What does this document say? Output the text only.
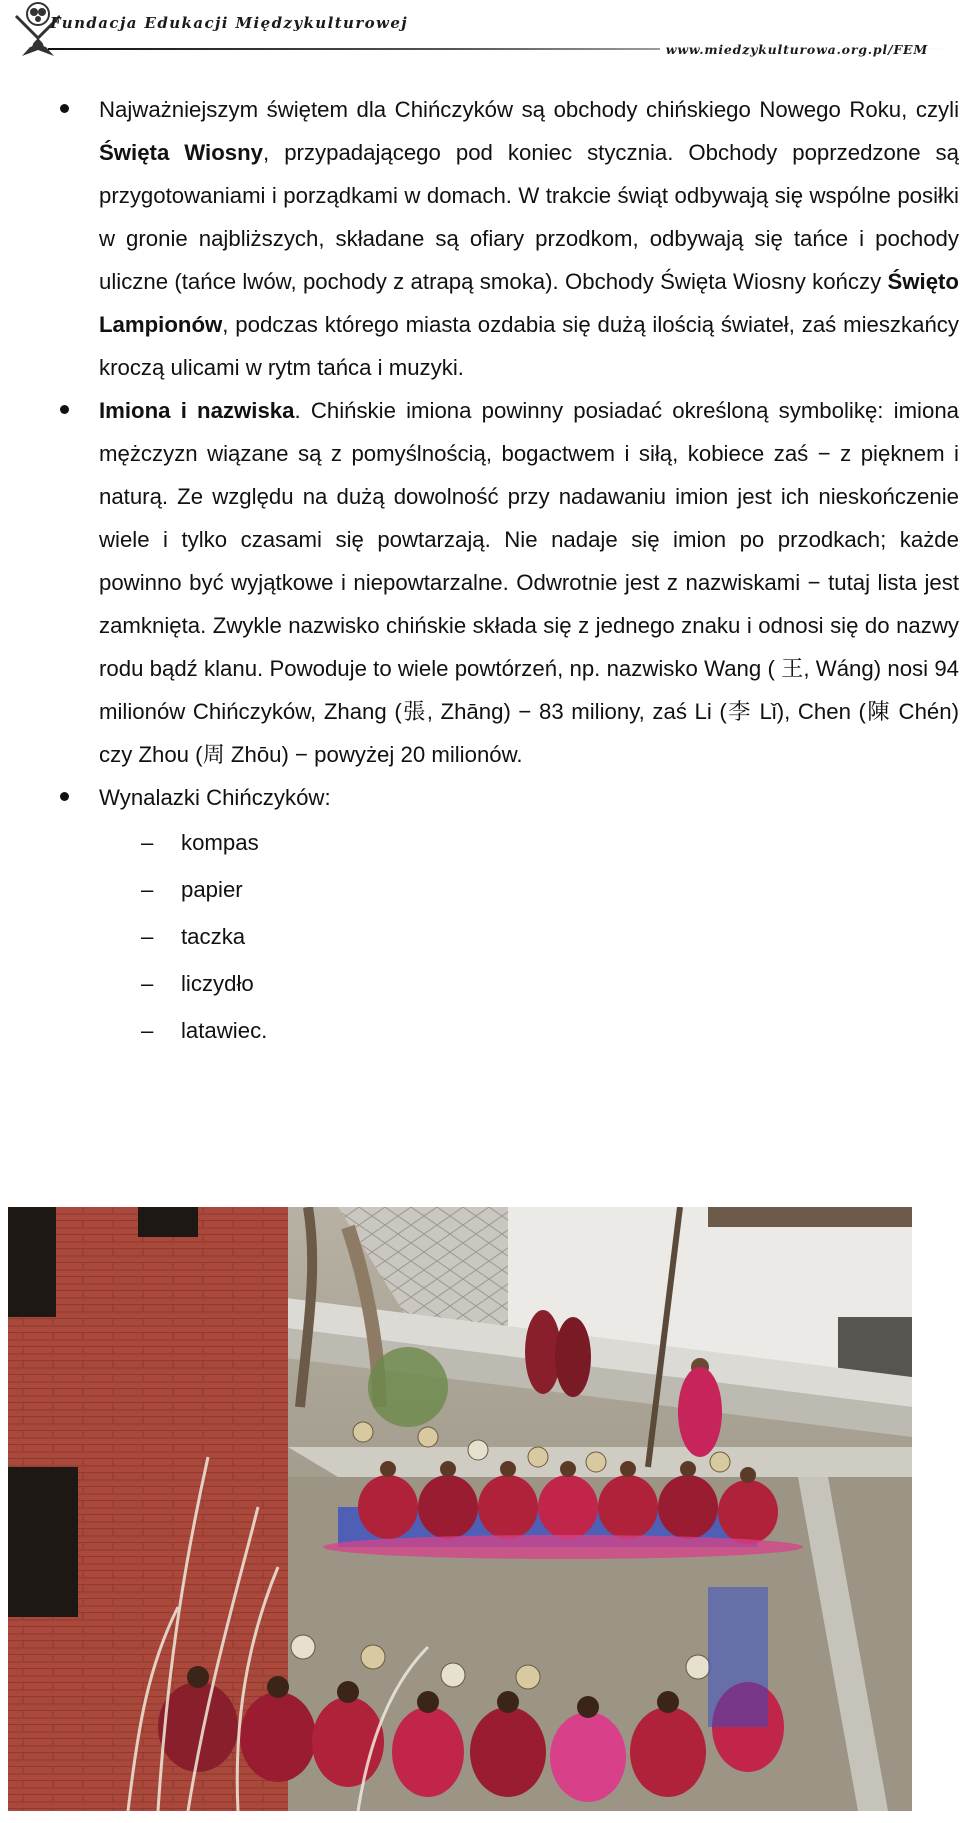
Fundacja Edukacji Międzykulturowej
www.miedzykulturowa.org.pl/FEM

Najważniejszym świętem dla Chińczyków są obchody chińskiego Nowego Roku, czyli Święta Wiosny, przypadającego pod koniec stycznia. Obchody poprzedzone są przygotowaniami i porządkami w domach. W trakcie świąt odbywają się wspólne posiłki w gronie najbliższych, składane są ofiary przodkom, odbywają się tańce i pochody uliczne (tańce lwów, pochody z atrapą smoka). Obchody Święta Wiosny kończy Święto Lampionów, podczas którego miasta ozdabia się dużą ilością świateł, zaś mieszkańcy kroczą ulicami w rytm tańca i muzyki.

Imiona i nazwiska. Chińskie imiona powinny posiadać określoną symbolikę: imiona mężczyzn wiązane są z pomyślnością, bogactwem i siłą, kobiece zaś − z pięknem i naturą. Ze względu na dużą dowolność przy nadawaniu imion jest ich nieskończenie wiele i tylko czasami się powtarzają. Nie nadaje się imion po przodkach; każde powinno być wyjątkowe i niepowtarzalne. Odwrotnie jest z nazwiskami − tutaj lista jest zamknięta. Zwykle nazwisko chińskie składa się z jednego znaku i odnosi się do nazwy rodu bądź klanu. Powoduje to wiele powtórzeń, np. nazwisko Wang ( 王, Wáng) nosi 94 milionów Chińczyków, Zhang (張, Zhāng) − 83 miliony, zaś Li (李 Lǐ), Chen (陳 Chén) czy Zhou (周 Zhōu) − powyżej 20 milionów.

Wynalazki Chińczyków:

– kompas
– papier
– taczka
– liczydło
– latawiec.
